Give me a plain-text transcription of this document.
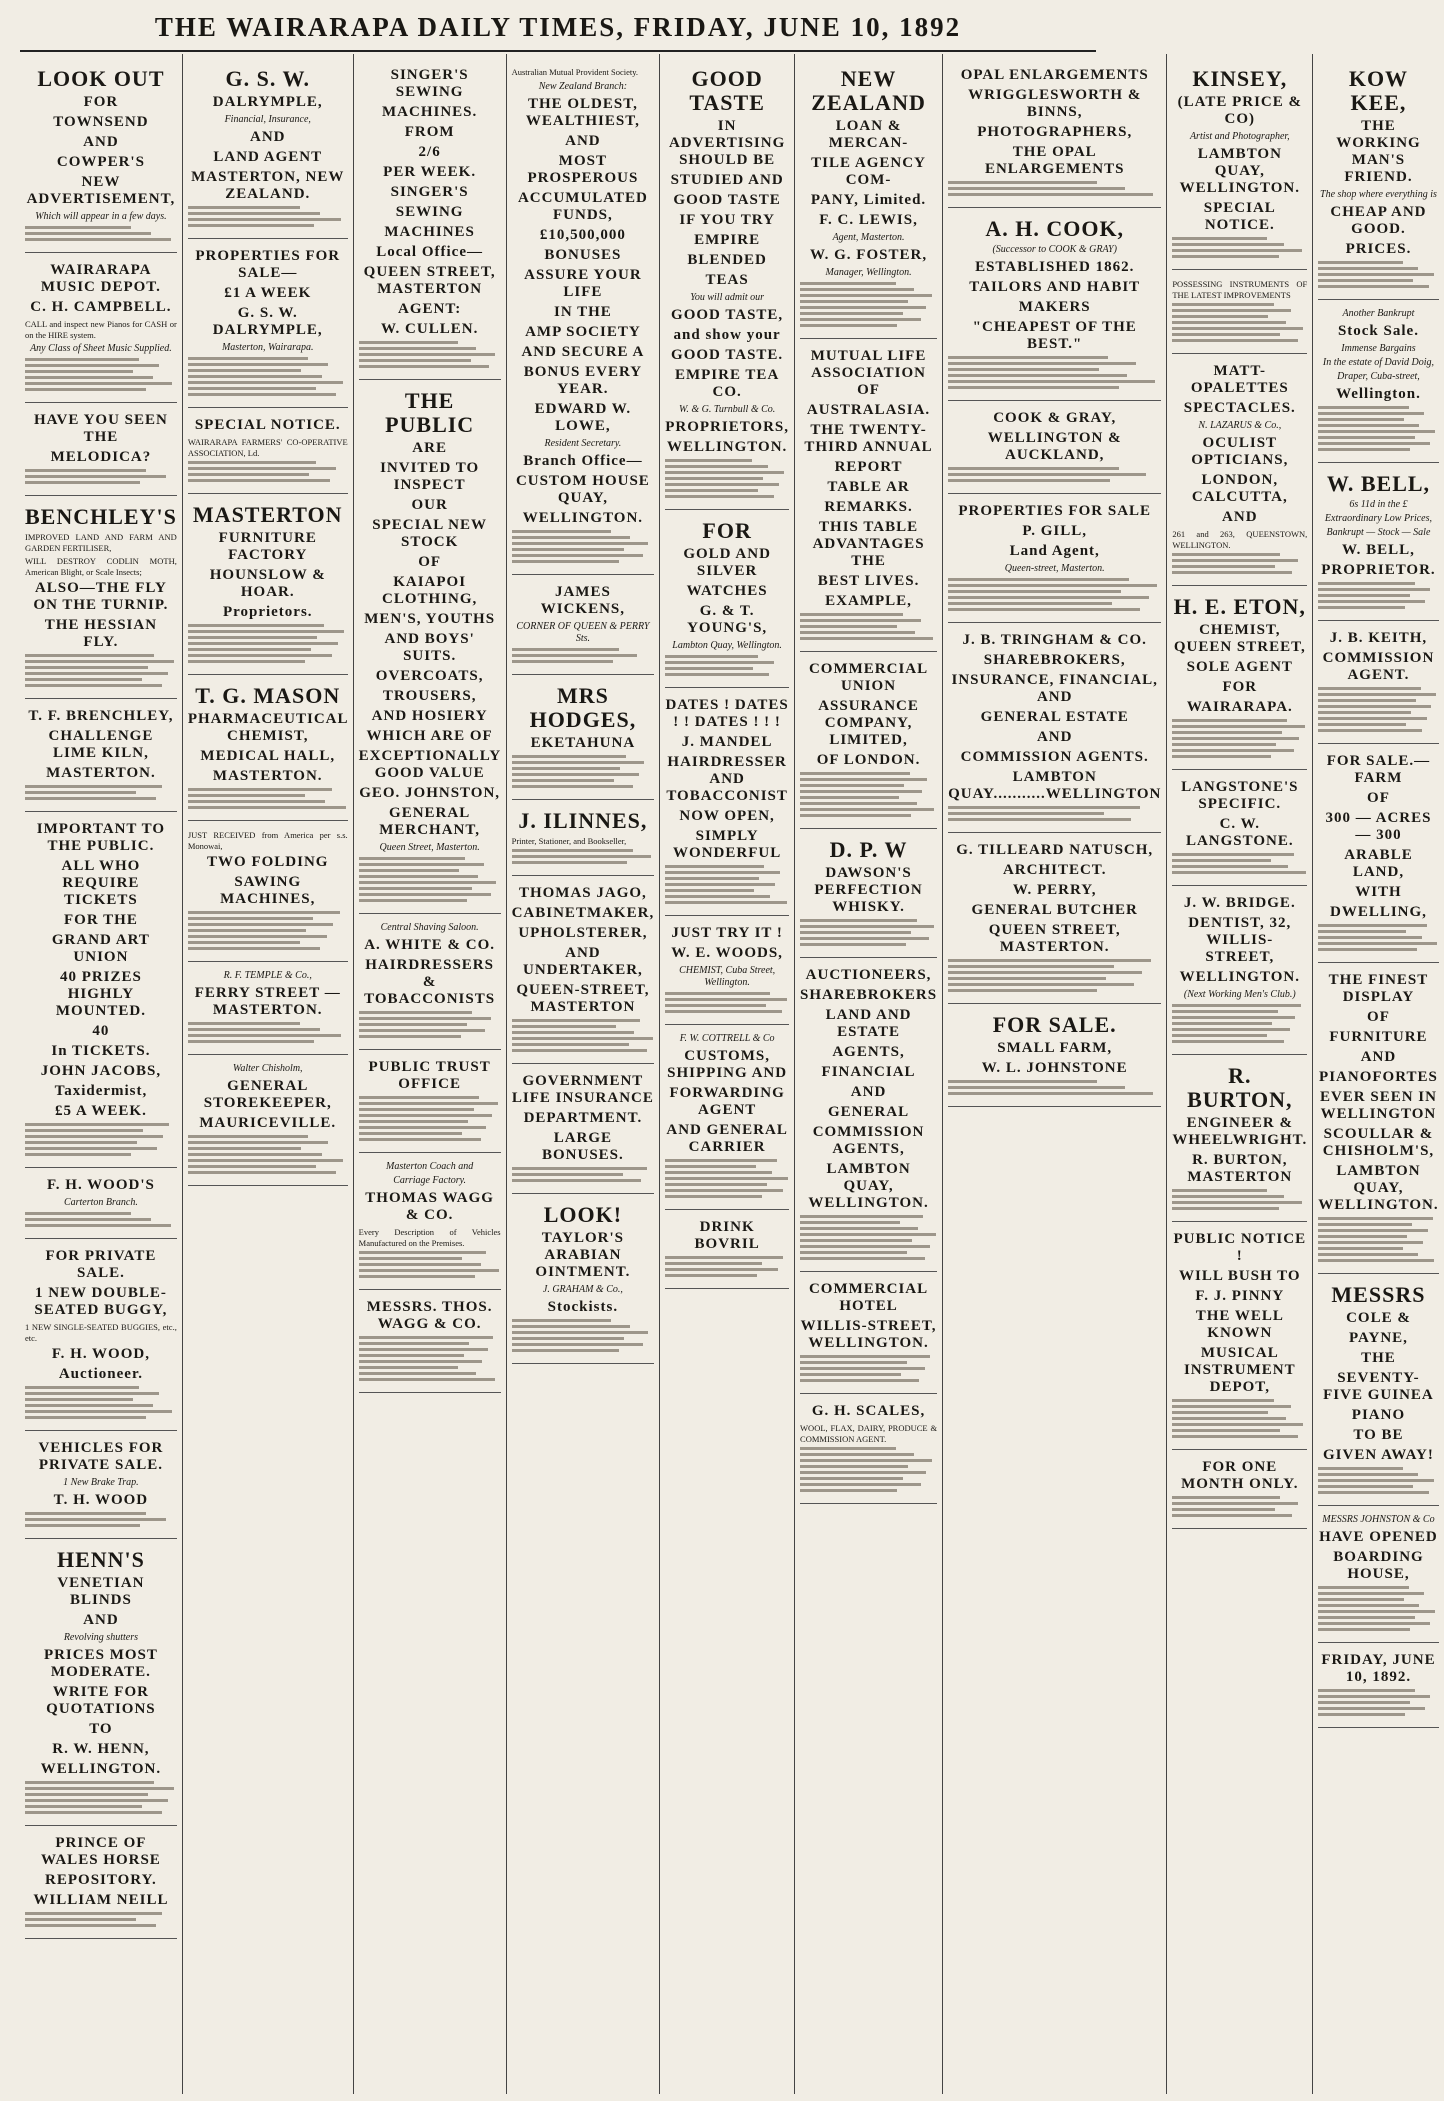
THE WAIRARAPA DAILY TIMES, FRIDAY, JUNE 10, 1892
LOOK OUT
FOR
TOWNSEND
AND
COWPER'S
NEW ADVERTISEMENT,
Which will appear in a few days.
WAIRARAPA MUSIC DEPOT.
C. H. CAMPBELL.
CALL and inspect new Pianos for CASH or on the HIRE system.
Any Class of Sheet Music Supplied.
HAVE YOU SEEN THE
MELODICA?
BENCHLEY'S
IMPROVED LAND AND FARM AND GARDEN FERTILISER,
WILL DESTROY CODLIN MOTH, American Blight, or Scale Insects;
ALSO—THE FLY ON THE TURNIP.
THE HESSIAN FLY.
T. F. BRENCHLEY,
CHALLENGE LIME KILN,
MASTERTON.
IMPORTANT TO THE PUBLIC.
ALL WHO REQUIRE TICKETS
FOR THE
GRAND ART UNION
40 PRIZES HIGHLY MOUNTED.
40
In TICKETS.
JOHN JACOBS,
Taxidermist,
£5 A WEEK.
F. H. WOOD'S
Carterton Branch.
FOR PRIVATE SALE.
1 NEW DOUBLE-SEATED BUGGY,
1 NEW SINGLE-SEATED BUGGIES, etc., etc.
F. H. WOOD,
Auctioneer.
VEHICLES FOR PRIVATE SALE.
1 New Brake Trap.
T. H. WOOD
HENN'S
VENETIAN BLINDS
AND
Revolving shutters
PRICES MOST MODERATE.
WRITE FOR QUOTATIONS
TO
R. W. HENN,
WELLINGTON.
PRINCE OF WALES HORSE
REPOSITORY.
WILLIAM NEILL
G. S. W.
DALRYMPLE,
Financial, Insurance,
AND
LAND AGENT
MASTERTON, NEW ZEALAND.
PROPERTIES FOR SALE—
£1 A WEEK
G. S. W. DALRYMPLE,
Masterton, Wairarapa.
SPECIAL NOTICE.
WAIRARAPA FARMERS' CO-OPERATIVE ASSOCIATION, Ld.
MASTERTON
FURNITURE FACTORY
HOUNSLOW & HOAR.
Proprietors.
T. G. MASON
PHARMACEUTICAL CHEMIST,
MEDICAL HALL,
MASTERTON.
JUST RECEIVED from America per s.s. Monowai,
TWO FOLDING
SAWING MACHINES,
R. F. TEMPLE & Co.,
FERRY STREET — MASTERTON.
Walter Chisholm,
GENERAL STOREKEEPER,
MAURICEVILLE.
SINGER'S SEWING
MACHINES.
FROM
2/6
PER WEEK.
SINGER'S
SEWING
MACHINES
Local Office—
QUEEN STREET, MASTERTON
AGENT:
W. CULLEN.
THE PUBLIC
ARE
INVITED TO INSPECT
OUR
SPECIAL NEW STOCK
OF
KAIAPOI CLOTHING,
MEN'S, YOUTHS
AND BOYS' SUITS.
OVERCOATS,
TROUSERS,
AND HOSIERY
WHICH ARE OF
EXCEPTIONALLY GOOD VALUE
GEO. JOHNSTON,
GENERAL MERCHANT,
Queen Street, Masterton.
Central Shaving Saloon.
A. WHITE & CO.
HAIRDRESSERS & TOBACCONISTS
PUBLIC TRUST OFFICE
Masterton Coach and
Carriage Factory.
THOMAS WAGG & CO.
Every Description of Vehicles Manufactured on the Premises.
MESSRS. THOS. WAGG & CO.
Australian Mutual Provident Society.
New Zealand Branch:
THE OLDEST, WEALTHIEST,
AND
MOST PROSPEROUS
ACCUMULATED FUNDS,
£10,500,000
BONUSES
ASSURE YOUR LIFE
IN THE
AMP SOCIETY
AND SECURE A
BONUS EVERY YEAR.
EDWARD W. LOWE,
Resident Secretary.
Branch Office—
CUSTOM HOUSE QUAY,
WELLINGTON.
JAMES WICKENS,
CORNER OF QUEEN & PERRY Sts.
MRS HODGES,
EKETAHUNA
J. ILINNES,
Printer, Stationer, and Bookseller,
THOMAS JAGO,
CABINETMAKER,
UPHOLSTERER,
AND UNDERTAKER,
QUEEN-STREET, MASTERTON
GOVERNMENT LIFE INSURANCE
DEPARTMENT.
LARGE BONUSES.
LOOK!
TAYLOR'S ARABIAN OINTMENT.
J. GRAHAM & Co.,
Stockists.
GOOD TASTE
IN ADVERTISING SHOULD BE
STUDIED AND
GOOD TASTE
IF YOU TRY
EMPIRE
BLENDED
TEAS
You will admit our
GOOD TASTE,
and show your
GOOD TASTE.
EMPIRE TEA CO.
W. & G. Turnbull & Co.
PROPRIETORS,
WELLINGTON.
FOR
GOLD AND SILVER
WATCHES
G. & T. YOUNG'S,
Lambton Quay, Wellington.
DATES ! DATES ! ! DATES ! ! !
J. MANDEL
HAIRDRESSER AND TOBACCONIST
NOW OPEN,
SIMPLY WONDERFUL
JUST TRY IT !
W. E. WOODS,
CHEMIST, Cuba Street, Wellington.
F. W. COTTRELL & Co
CUSTOMS, SHIPPING AND
FORWARDING AGENT
AND GENERAL CARRIER
DRINK BOVRIL
NEW ZEALAND
LOAN & MERCAN-
TILE AGENCY COM-
PANY, Limited.
F. C. LEWIS,
Agent, Masterton.
W. G. FOSTER,
Manager, Wellington.
MUTUAL LIFE ASSOCIATION OF
AUSTRALASIA.
THE TWENTY-THIRD ANNUAL
REPORT
TABLE AR
REMARKS.
THIS TABLE ADVANTAGES THE
BEST LIVES.
EXAMPLE,
COMMERCIAL UNION
ASSURANCE COMPANY, LIMITED,
OF LONDON.
D. P. W
DAWSON'S PERFECTION WHISKY.
AUCTIONEERS,
SHAREBROKERS
LAND AND ESTATE
AGENTS,
FINANCIAL
AND
GENERAL
COMMISSION AGENTS,
LAMBTON QUAY, WELLINGTON.
COMMERCIAL HOTEL
WILLIS-STREET, WELLINGTON.
G. H. SCALES,
WOOL, FLAX, DAIRY, PRODUCE & COMMISSION AGENT.
OPAL ENLARGEMENTS
WRIGGLESWORTH & BINNS,
PHOTOGRAPHERS,
THE OPAL ENLARGEMENTS
A. H. COOK,
(Successor to COOK & GRAY)
ESTABLISHED 1862.
TAILORS AND HABIT
MAKERS
"CHEAPEST OF THE BEST."
COOK & GRAY,
WELLINGTON & AUCKLAND,
PROPERTIES FOR SALE
P. GILL,
Land Agent,
Queen-street, Masterton.
J. B. TRINGHAM & CO.
SHAREBROKERS,
INSURANCE, FINANCIAL, AND
GENERAL ESTATE
AND
COMMISSION AGENTS.
LAMBTON QUAY...........WELLINGTON
G. TILLEARD NATUSCH,
ARCHITECT.
W. PERRY,
GENERAL BUTCHER
QUEEN STREET, MASTERTON.
FOR SALE.
SMALL FARM,
W. L. JOHNSTONE
KINSEY,
(LATE PRICE & CO)
Artist and Photographer,
LAMBTON QUAY, WELLINGTON.
SPECIAL NOTICE.
POSSESSING INSTRUMENTS OF THE LATEST IMPROVEMENTS
MATT-OPALETTES
SPECTACLES.
N. LAZARUS & Co.,
OCULIST OPTICIANS,
LONDON, CALCUTTA,
AND
261 and 263, QUEENSTOWN, WELLINGTON.
H. E. ETON,
CHEMIST, QUEEN STREET,
SOLE AGENT
FOR
WAIRARAPA.
LANGSTONE'S SPECIFIC.
C. W. LANGSTONE.
J. W. BRIDGE.
DENTIST, 32, WILLIS-STREET,
WELLINGTON.
(Next Working Men's Club.)
R. BURTON,
ENGINEER & WHEELWRIGHT.
R. BURTON, MASTERTON
PUBLIC NOTICE !
WILL BUSH TO
F. J. PINNY
THE WELL KNOWN
MUSICAL INSTRUMENT DEPOT,
FOR ONE MONTH ONLY.
KOW KEE,
THE WORKING MAN'S FRIEND.
The shop where everything is
CHEAP AND GOOD.
PRICES.
Another Bankrupt
Stock Sale.
Immense Bargains
In the estate of David Doig,
Draper, Cuba-street,
Wellington.
W. BELL,
6s 11d in the £
Extraordinary Low Prices,
Bankrupt — Stock — Sale
W. BELL,
PROPRIETOR.
J. B. KEITH,
COMMISSION AGENT.
FOR SALE.—FARM
OF
300 — ACRES — 300
ARABLE LAND,
WITH
DWELLING,
THE FINEST DISPLAY
OF
FURNITURE
AND
PIANOFORTES
EVER SEEN IN WELLINGTON
SCOULLAR & CHISHOLM'S,
LAMBTON QUAY, WELLINGTON.
MESSRS
COLE &
PAYNE,
THE
SEVENTY-FIVE GUINEA
PIANO
TO BE
GIVEN AWAY!
MESSRS JOHNSTON & Co
HAVE OPENED
BOARDING HOUSE,
FRIDAY, JUNE 10, 1892.
